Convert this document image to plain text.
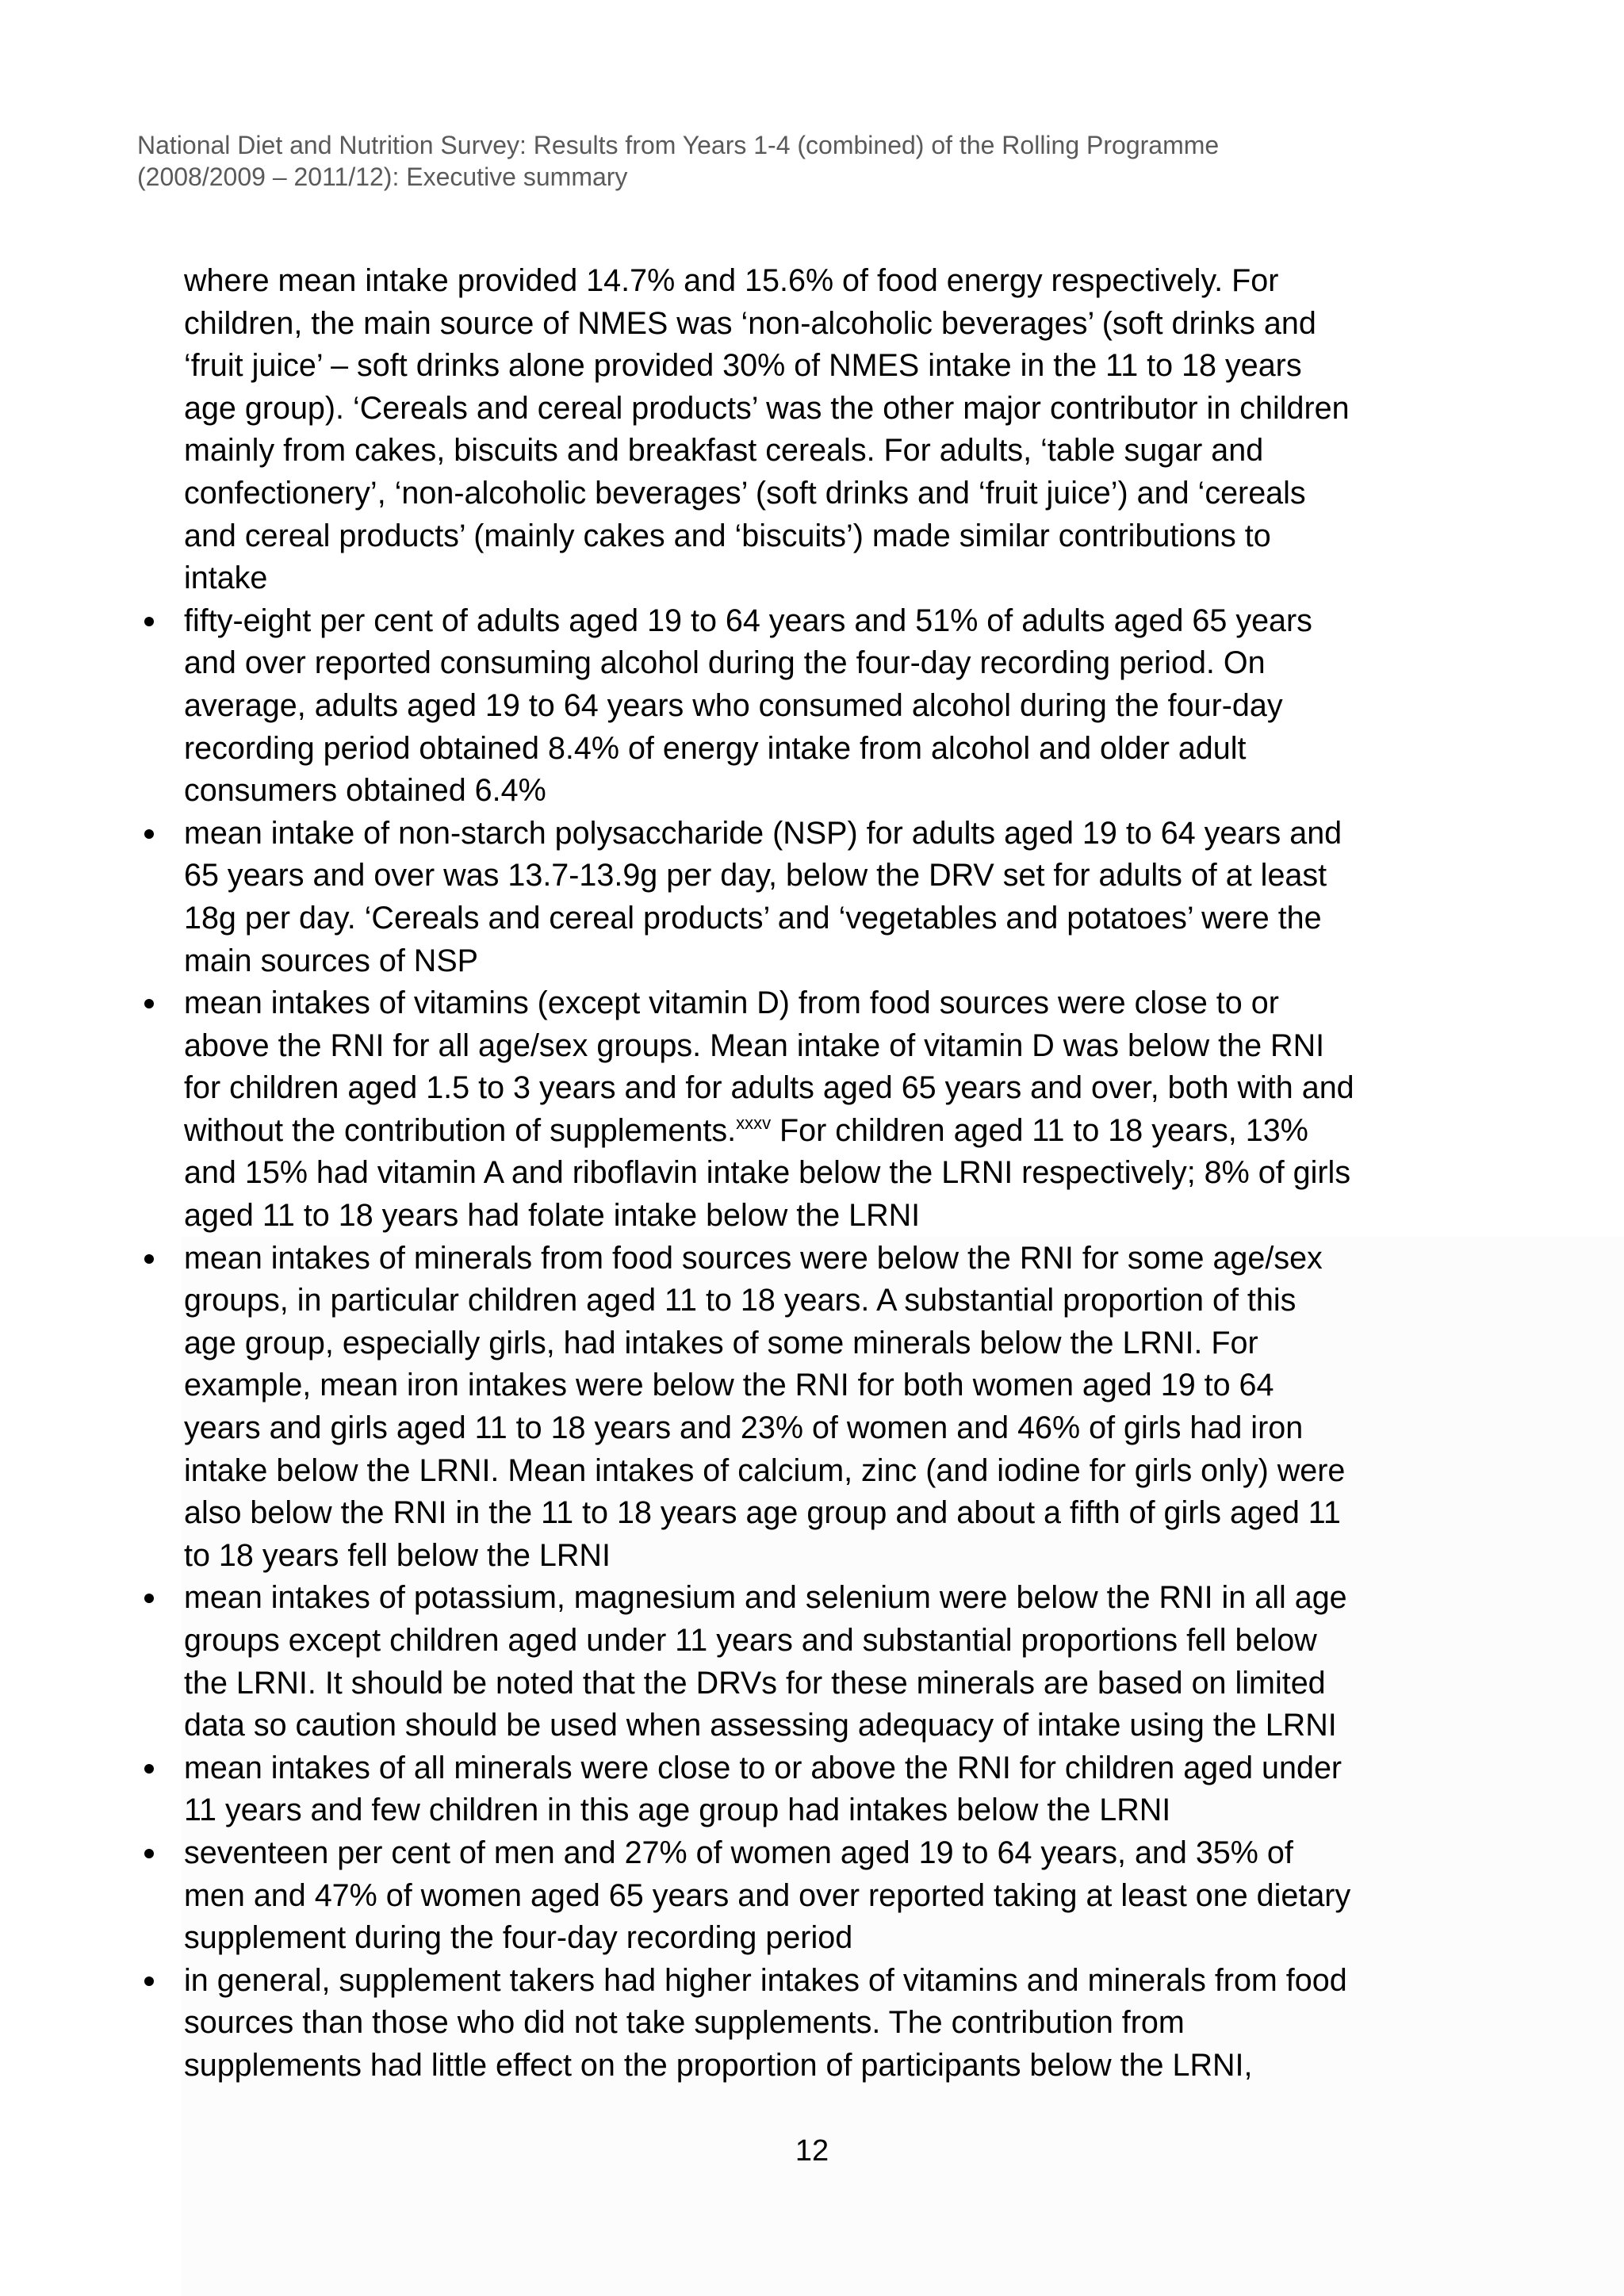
National Diet and Nutrition Survey: Results from Years 1-4 (combined) of the Rolling Programme
(2008/2009 – 2011/12): Executive summary
where mean intake provided 14.7% and 15.6% of food energy respectively. For
children, the main source of NMES was ‘non-alcoholic beverages’ (soft drinks and
‘fruit juice’ – soft drinks alone provided 30% of NMES intake in the 11 to 18 years
age group). ‘Cereals and cereal products’ was the other major contributor in children
mainly from cakes, biscuits and breakfast cereals. For adults, ‘table sugar and
confectionery’, ‘non-alcoholic beverages’ (soft drinks and ‘fruit juice’) and ‘cereals
and cereal products’ (mainly cakes and ‘biscuits’) made similar contributions to
intake
fifty-eight per cent of adults aged 19 to 64 years and 51% of adults aged 65 years
and over reported consuming alcohol during the four-day recording period. On
average, adults aged 19 to 64 years who consumed alcohol during the four-day
recording period obtained 8.4% of energy intake from alcohol and older adult
consumers obtained 6.4%
mean intake of non-starch polysaccharide (NSP) for adults aged 19 to 64 years and
65 years and over was 13.7-13.9g per day, below the DRV set for adults of at least
18g per day. ‘Cereals and cereal products’ and ‘vegetables and potatoes’ were the
main sources of NSP
mean intakes of vitamins (except vitamin D) from food sources were close to or
above the RNI for all age/sex groups. Mean intake of vitamin D was below the RNI
for children aged 1.5 to 3 years and for adults aged 65 years and over, both with and
without the contribution of supplements.$^{xxxv}$ For children aged 11 to 18 years, 13%
and 15% had vitamin A and riboflavin intake below the LRNI respectively; 8% of girls
aged 11 to 18 years had folate intake below the LRNI
mean intakes of minerals from food sources were below the RNI for some age/sex
groups, in particular children aged 11 to 18 years. A substantial proportion of this
age group, especially girls, had intakes of some minerals below the LRNI. For
example, mean iron intakes were below the RNI for both women aged 19 to 64
years and girls aged 11 to 18 years and 23% of women and 46% of girls had iron
intake below the LRNI. Mean intakes of calcium, zinc (and iodine for girls only) were
also below the RNI in the 11 to 18 years age group and about a fifth of girls aged 11
to 18 years fell below the LRNI
mean intakes of potassium, magnesium and selenium were below the RNI in all age
groups except children aged under 11 years and substantial proportions fell below
the LRNI. It should be noted that the DRVs for these minerals are based on limited
data so caution should be used when assessing adequacy of intake using the LRNI
mean intakes of all minerals were close to or above the RNI for children aged under
11 years and few children in this age group had intakes below the LRNI
seventeen per cent of men and 27% of women aged 19 to 64 years, and 35% of
men and 47% of women aged 65 years and over reported taking at least one dietary
supplement during the four-day recording period
in general, supplement takers had higher intakes of vitamins and minerals from food
sources than those who did not take supplements. The contribution from
supplements had little effect on the proportion of participants below the LRNI,
12
